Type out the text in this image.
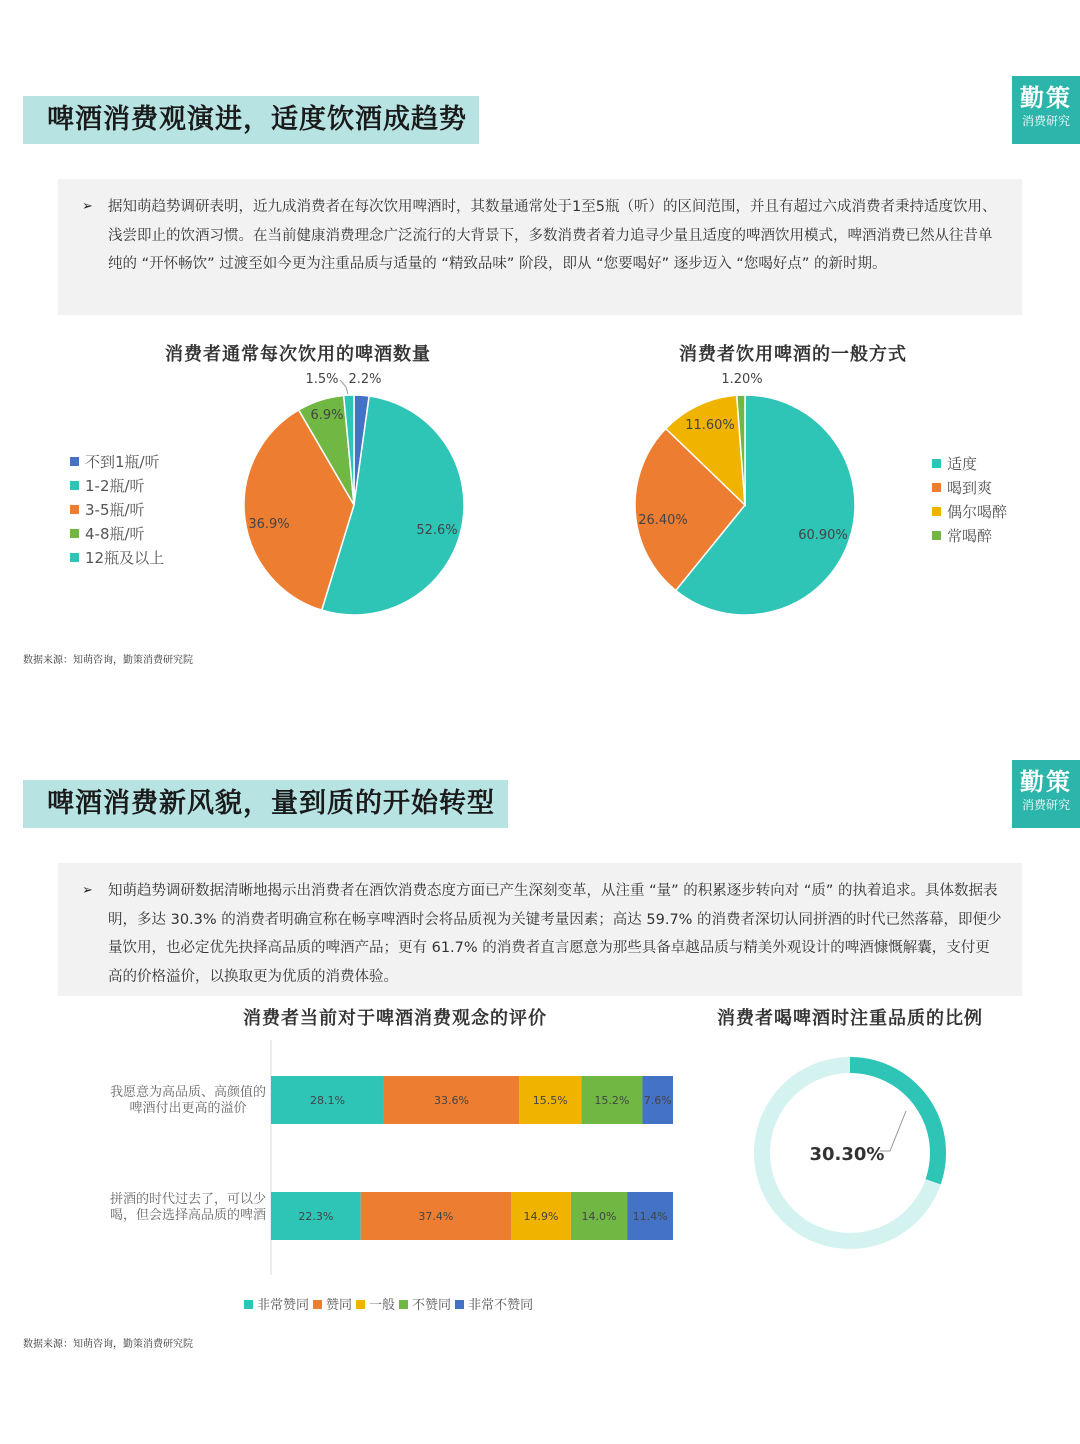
啤酒消费观演进，适度饮酒成趋势
勤策
消费研究
➢ 据知萌趋势调研表明，近九成消费者在每次饮用啤酒时，其数量通常处于1至5瓶（听）的区间范围，并且有超过六成消费者秉持适度饮用、浅尝即止的饮酒习惯。在当前健康消费理念广泛流行的大背景下，多数消费者着力追寻少量且适度的啤酒饮用模式，啤酒消费已然从往昔单纯的 “开怀畅饮” 过渡至如今更为注重品质与适量的 “精致品味” 阶段，即从 “您要喝好” 逐步迈入 “您喝好点” 的新时期。
消费者通常每次饮用的啤酒数量
不到1瓶/听
1-2瓶/听
3-5瓶/听
4-8瓶/听
12瓶及以上
2.2%
52.6%
36.9%
6.9%
1.5%
消费者饮用啤酒的一般方式
60.90%
26.40%
11.60%
1.20%
适度
喝到爽
偶尔喝醉
常喝醉
数据来源：知萌咨询，勤策消费研究院
啤酒消费新风貌，量到质的开始转型
勤策
消费研究
➢ 知萌趋势调研数据清晰地揭示出消费者在酒饮消费态度方面已产生深刻变革，从注重 “量” 的积累逐步转向对 “质” 的执着追求。具体数据表明，多达 30.3% 的消费者明确宣称在畅享啤酒时会将品质视为关键考量因素；高达 59.7% 的消费者深切认同拼酒的时代已然落幕，即便少量饮用，也必定优先抉择高品质的啤酒产品；更有 61.7% 的消费者直言愿意为那些具备卓越品质与精美外观设计的啤酒慷慨解囊，支付更高的价格溢价，以换取更为优质的消费体验。
消费者当前对于啤酒消费观念的评价
我愿意为高品质、高颜值的啤酒付出更高的溢价
拼酒的时代过去了，可以少喝，但会选择高品质的啤酒
28.1%	33.6%	15.5% 15.2% 7.6%
22.3%	37.4%	14.9% 14.0% 11.4%
非常赞同 赞同 一般 不赞同 非常不赞同
消费者喝啤酒时注重品质的比例
30.30%
数据来源：知萌咨询，勤策消费研究院
